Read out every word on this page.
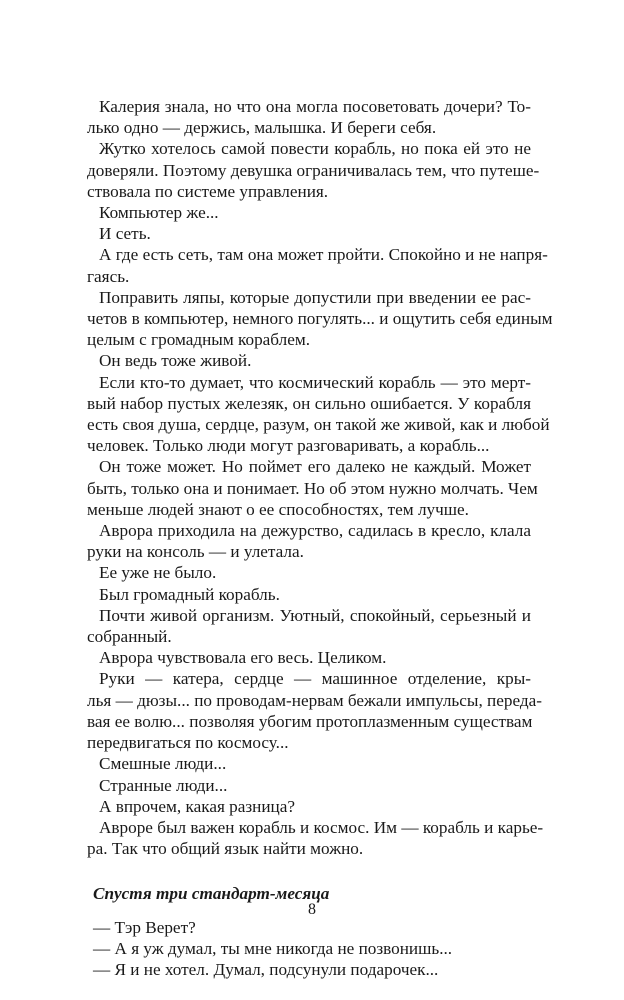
Калерия знала, но что она могла посоветовать дочери? То-
лько одно — держись, малышка. И береги себя.
Жутко хотелось самой повести корабль, но пока ей это не
доверяли. Поэтому девушка ограничивалась тем, что путеше-
ствовала по системе управления.
Компьютер же...
И сеть.
А где есть сеть, там она может пройти. Спокойно и не напря-
гаясь.
Поправить ляпы, которые допустили при введении ее рас-
четов в компьютер, немного погулять... и ощутить себя единым
целым с громадным кораблем.
Он ведь тоже живой.
Если кто-то думает, что космический корабль — это мерт-
вый набор пустых железяк, он сильно ошибается. У корабля
есть своя душа, сердце, разум, он такой же живой, как и любой
человек. Только люди могут разговаривать, а корабль...
Он тоже может. Но поймет его далеко не каждый. Может
быть, только она и понимает. Но об этом нужно молчать. Чем
меньше людей знают о ее способностях, тем лучше.
Аврора приходила на дежурство, садилась в кресло, клала
руки на консоль — и улетала.
Ее уже не было.
Был громадный корабль.
Почти живой организм. Уютный, спокойный, серьезный и
собранный.
Аврора чувствовала его весь. Целиком.
Руки — катера, сердце — машинное отделение, кры-
лья — дюзы... по проводам-нервам бежали импульсы, переда-
вая ее волю... позволяя убогим протоплазменным существам
передвигаться по космосу...
Смешные люди...
Странные люди...
А впрочем, какая разница?
Авроре был важен корабль и космос. Им — корабль и карье-
ра. Так что общий язык найти можно.
Спустя три стандарт-месяца
— Тэр Верет?
— А я уж думал, ты мне никогда не позвонишь...
— Я и не хотел. Думал, подсунули подарочек...
8
